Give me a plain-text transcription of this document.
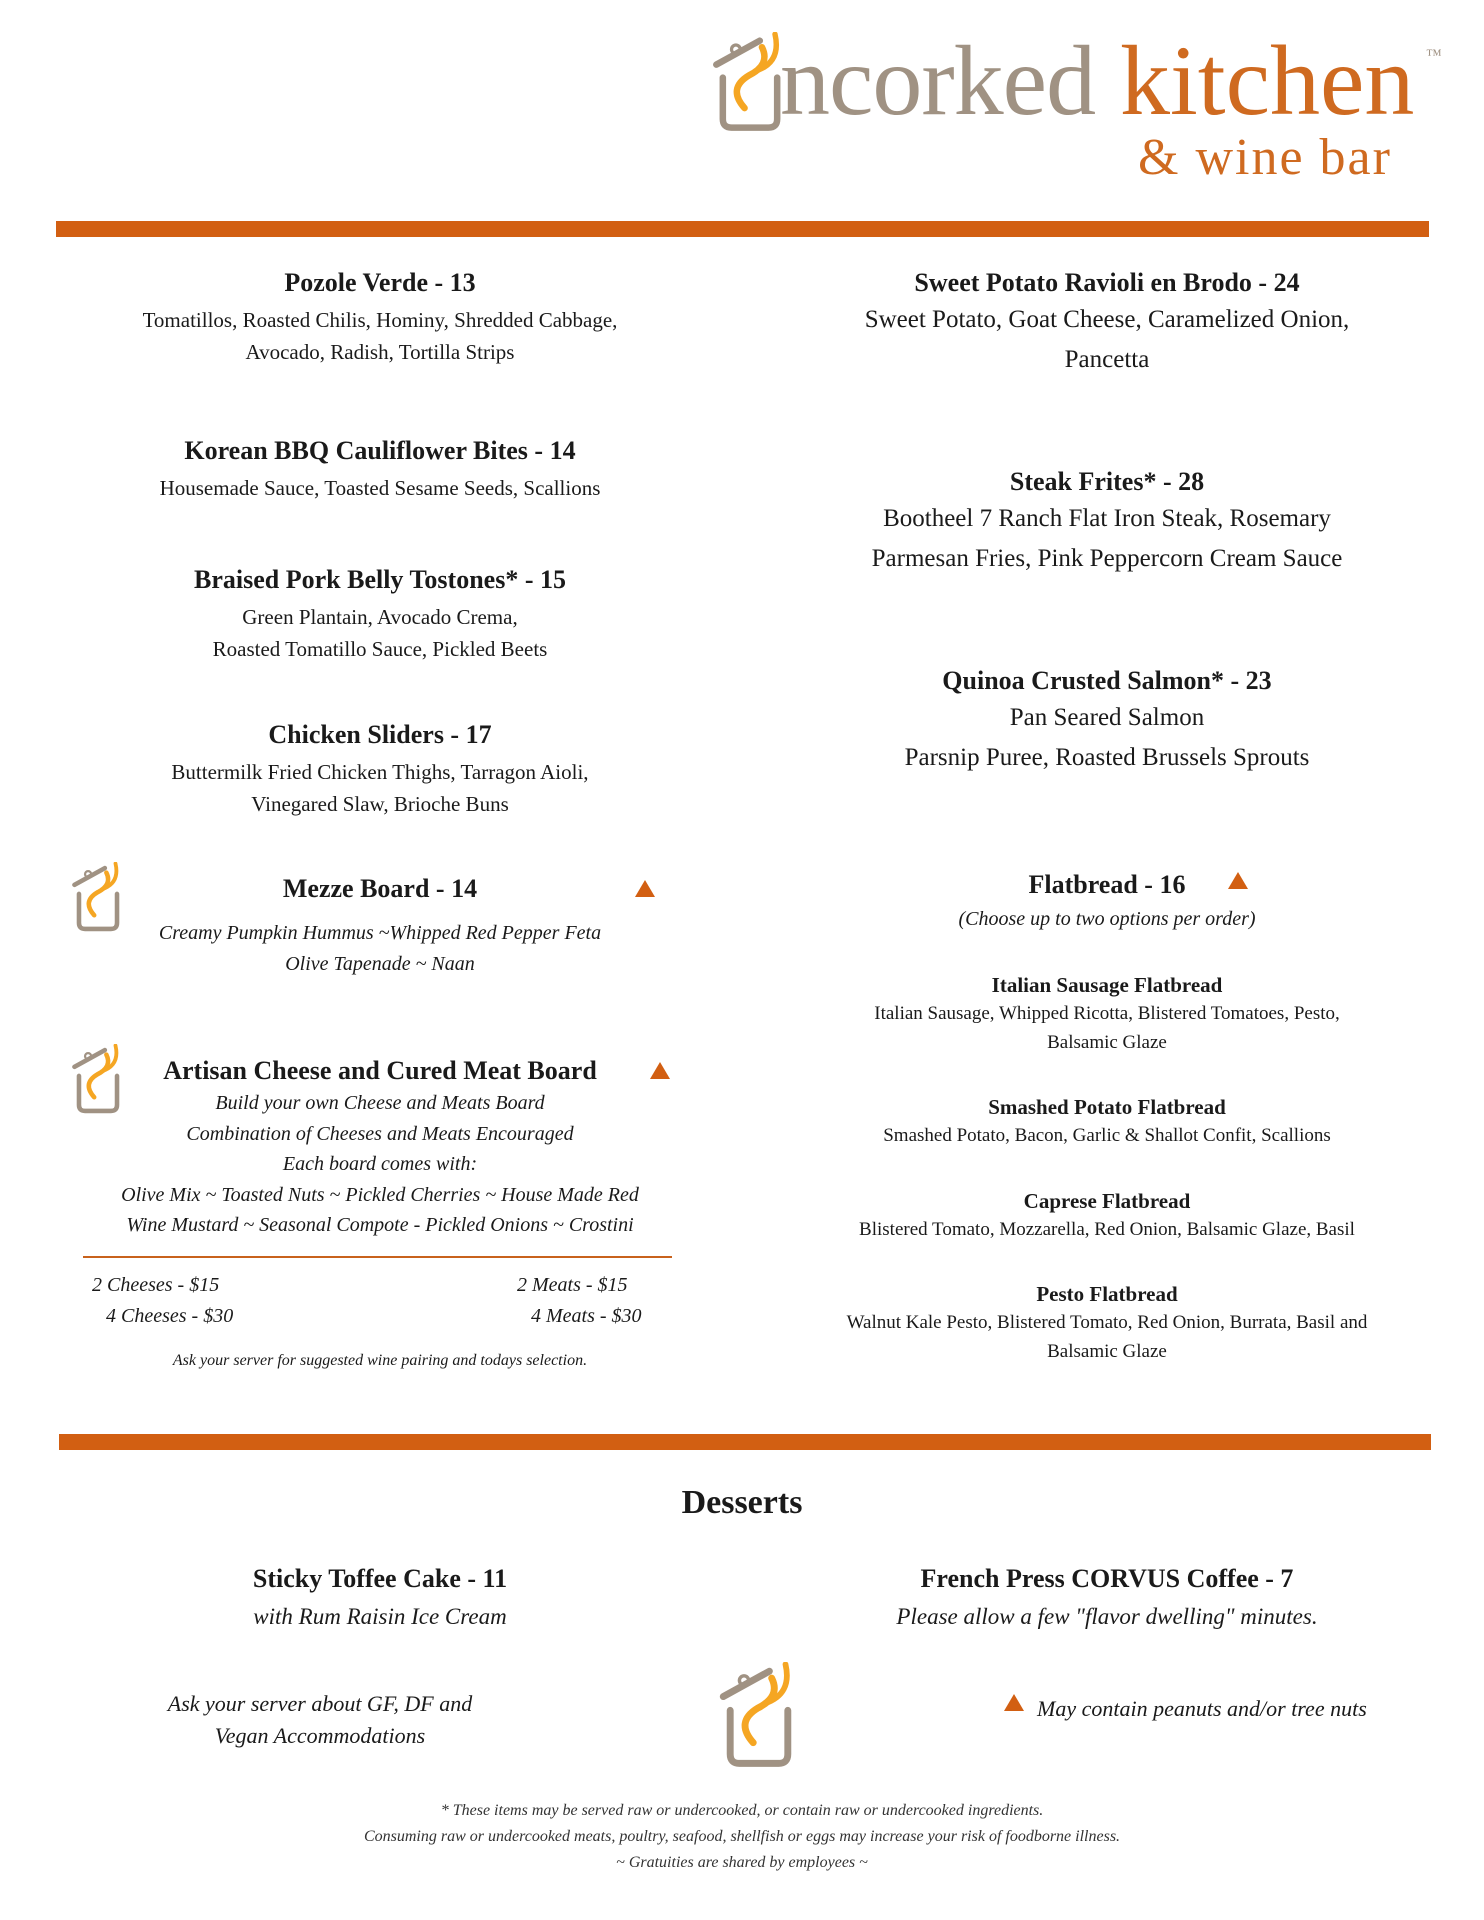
ncorked kitchen ™
& wine bar
Pozole Verde - 13
Tomatillos, Roasted Chilis, Hominy, Shredded Cabbage,
Avocado, Radish, Tortilla Strips
Korean BBQ Cauliflower Bites - 14
Housemade Sauce, Toasted Sesame Seeds, Scallions
Braised Pork Belly Tostones* - 15
Green Plantain, Avocado Crema,
Roasted Tomatillo Sauce, Pickled Beets
Chicken Sliders - 17
Buttermilk Fried Chicken Thighs, Tarragon Aioli,
Vinegared Slaw, Brioche Buns
Mezze Board - 14
Creamy Pumpkin Hummus ~Whipped Red Pepper Feta
Olive Tapenade ~ Naan
Artisan Cheese and Cured Meat Board
Build your own Cheese and Meats Board
Combination of Cheeses and Meats Encouraged
Each board comes with:
Olive Mix ~ Toasted Nuts ~ Pickled Cherries ~ House Made Red
Wine Mustard ~ Seasonal Compote - Pickled Onions ~ Crostini
2 Cheeses - $15
4 Cheeses - $30
2 Meats - $15
4 Meats - $30
Ask your server for suggested wine pairing and todays selection.
Sweet Potato Ravioli en Brodo - 24
Sweet Potato, Goat Cheese, Caramelized Onion,
Pancetta
Steak Frites* - 28
Bootheel 7 Ranch Flat Iron Steak, Rosemary
Parmesan Fries, Pink Peppercorn Cream Sauce
Quinoa Crusted Salmon* - 23
Pan Seared Salmon
Parsnip Puree, Roasted Brussels Sprouts
Flatbread - 16
(Choose up to two options per order)
Italian Sausage Flatbread
Italian Sausage, Whipped Ricotta, Blistered Tomatoes, Pesto,
Balsamic Glaze
Smashed Potato Flatbread
Smashed Potato, Bacon, Garlic & Shallot Confit, Scallions
Caprese Flatbread
Blistered Tomato, Mozzarella, Red Onion, Balsamic Glaze, Basil
Pesto Flatbread
Walnut Kale Pesto, Blistered Tomato, Red Onion, Burrata, Basil and
Balsamic Glaze
Desserts
Sticky Toffee Cake - 11
with Rum Raisin Ice Cream
French Press CORVUS Coffee - 7
Please allow a few "flavor dwelling" minutes.
Ask your server about GF, DF and
Vegan Accommodations
May contain peanuts and/or tree nuts
* These items may be served raw or undercooked, or contain raw or undercooked ingredients.
Consuming raw or undercooked meats, poultry, seafood, shellfish or eggs may increase your risk of foodborne illness.
~ Gratuities are shared by employees ~
